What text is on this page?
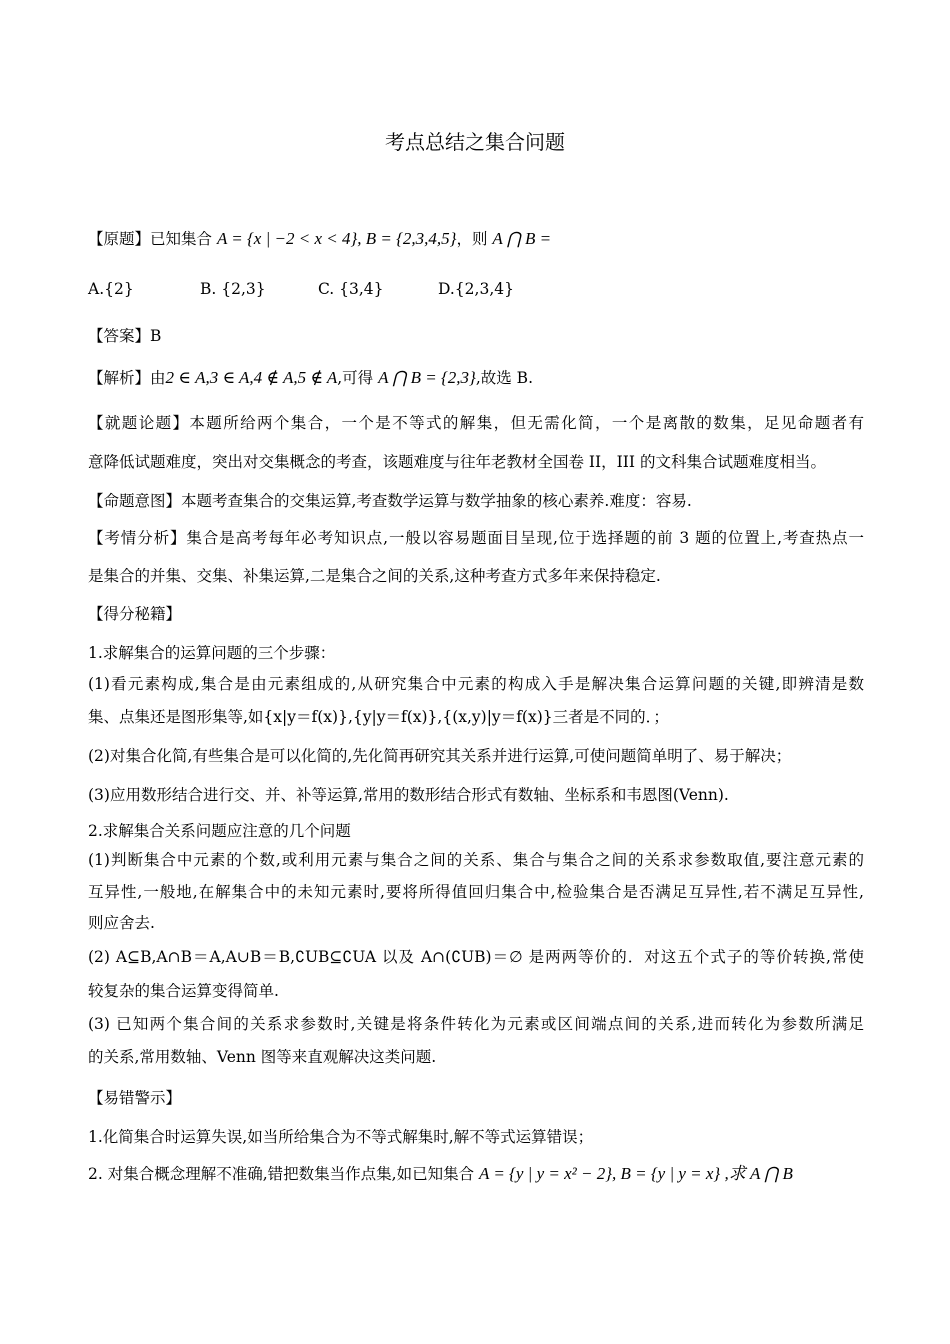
考点总结之集合问题
【原题】已知集合 A = {x | −2 < x < 4}, B = {2,3,4,5}，则 A ⋂ B =
A.{2}	B. {2,3}	C. {3,4}	D.{2,3,4}
【答案】B
【解析】由2 ∈ A,3 ∈ A,4 ∉ A,5 ∉ A,可得 A ⋂ B = {2,3},故选 B.
【就题论题】本题所给两个集合，一个是不等式的解集，但无需化简，一个是离散的数集，足见命题者有
意降低试题难度，突出对交集概念的考查，该题难度与往年老教材全国卷 II，III 的文科集合试题难度相当。
【命题意图】本题考查集合的交集运算,考查数学运算与数学抽象的核心素养.难度：容易.
【考情分析】集合是高考每年必考知识点,一般以容易题面目呈现,位于选择题的前 3 题的位置上,考查热点一
是集合的并集、交集、补集运算,二是集合之间的关系,这种考查方式多年来保持稳定.
【得分秘籍】
1.求解集合的运算问题的三个步骤：
(1)看元素构成,集合是由元素组成的,从研究集合中元素的构成入手是解决集合运算问题的关键,即辨清是数
集、点集还是图形集等,如{x|y＝f(x)},{y|y＝f(x)},{(x,y)|y＝f(x)}三者是不同的．；
(2)对集合化简,有些集合是可以化简的,先化简再研究其关系并进行运算,可使问题简单明了、易于解决；
(3)应用数形结合进行交、并、补等运算,常用的数形结合形式有数轴、坐标系和韦恩图(Venn).
2.求解集合关系问题应注意的几个问题
(1)判断集合中元素的个数,或利用元素与集合之间的关系、集合与集合之间的关系求参数取值,要注意元素的
互异性,一般地,在解集合中的未知元素时,要将所得值回归集合中,检验集合是否满足互异性,若不满足互异性,
则应舍去.
(2) A⊆B,A∩B＝A,A∪B＝B,∁UB⊆∁UA 以及 A∩(∁UB)＝∅ 是两两等价的．对这五个式子的等价转换,常使
较复杂的集合运算变得简单.
(3) 已知两个集合间的关系求参数时,关键是将条件转化为元素或区间端点间的关系,进而转化为参数所满足
的关系,常用数轴、Venn 图等来直观解决这类问题.
【易错警示】
1.化简集合时运算失误,如当所给集合为不等式解集时,解不等式运算错误；
2. 对集合概念理解不准确,错把数集当作点集,如已知集合 A = {y | y = x² − 2}, B = {y | y = x} ,求 A ⋂ B
